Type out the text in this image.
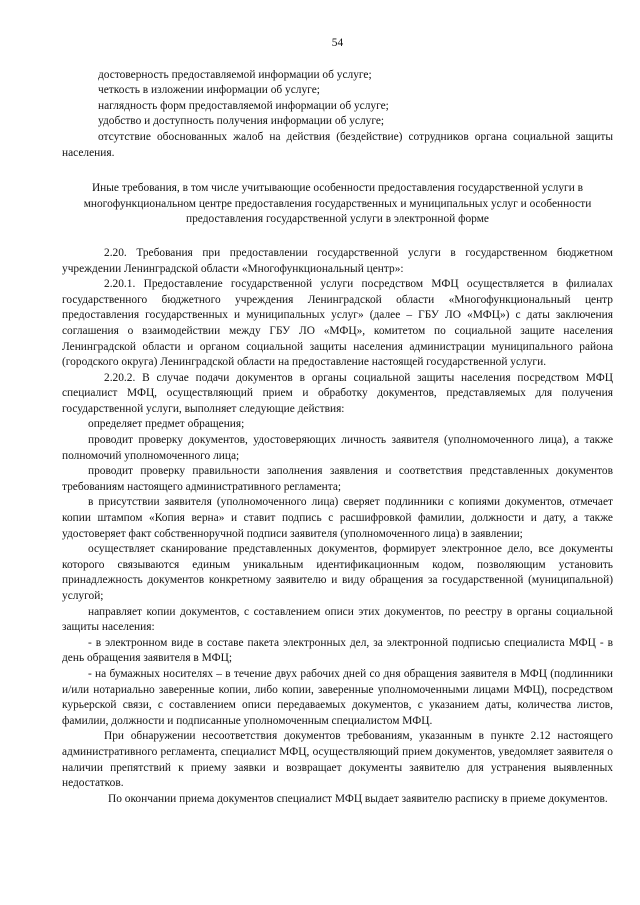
54

достоверность предоставляемой информации об услуге;

четкость в изложении информации об услуге;

наглядность форм предоставляемой информации об услуге;

удобство и доступность получения информации об услуге;

отсутствие обоснованных жалоб на действия (бездействие) сотрудников органа социальной защиты населения.

Иные требования, в том числе учитывающие особенности предоставления государственной услуги в многофункциональном центре предоставления государственных и муниципальных услуг и особенности предоставления государственной услуги в электронной форме

2.20. Требования при предоставлении государственной услуги в государственном бюджетном учреждении Ленинградской области «Многофункциональный центр»:

2.20.1. Предоставление государственной услуги посредством МФЦ осуществляется в филиалах государственного бюджетного учреждения Ленинградской области «Многофункциональный центр предоставления государственных и муниципальных услуг» (далее – ГБУ ЛО «МФЦ») с даты заключения соглашения о взаимодействии между ГБУ ЛО «МФЦ», комитетом по социальной защите населения Ленинградской области и органом социальной защиты населения администрации муниципального района (городского округа) Ленинградской области на предоставление настоящей государственной услуги.

2.20.2. В случае подачи документов в органы социальной защиты населения посредством МФЦ специалист МФЦ, осуществляющий прием и обработку документов, представляемых для получения государственной услуги, выполняет следующие действия:

определяет предмет обращения;

проводит проверку документов, удостоверяющих личность заявителя (уполномоченного лица), а также полномочий уполномоченного лица;

проводит проверку правильности заполнения заявления и соответствия представленных документов требованиям настоящего административного регламента;

в присутствии заявителя (уполномоченного лица) сверяет подлинники с копиями документов, отмечает копии штампом «Копия верна» и ставит подпись с расшифровкой фамилии, должности и дату, а также удостоверяет факт собственноручной подписи заявителя (уполномоченного лица) в заявлении;

осуществляет сканирование представленных документов, формирует электронное дело, все документы которого связываются единым уникальным идентификационным кодом, позволяющим установить принадлежность документов конкретному заявителю и виду обращения за государственной (муниципальной) услугой;

направляет копии документов, с составлением описи этих документов, по реестру в органы социальной защиты населения:

- в электронном виде в составе пакета электронных дел, за электронной подписью специалиста МФЦ - в день обращения заявителя в МФЦ;

- на бумажных носителях – в течение двух рабочих дней со дня обращения заявителя в МФЦ (подлинники и/или нотариально заверенные копии, либо копии, заверенные уполномоченными лицами МФЦ), посредством курьерской связи, с составлением описи передаваемых документов, с указанием даты, количества листов, фамилии, должности и подписанные уполномоченным специалистом МФЦ.

При обнаружении несоответствия документов требованиям, указанным в пункте 2.12 настоящего административного регламента, специалист МФЦ, осуществляющий прием документов, уведомляет заявителя о наличии препятствий к приему заявки и возвращает документы заявителю для устранения выявленных недостатков.

По окончании приема документов специалист МФЦ выдает заявителю расписку в приеме документов.
